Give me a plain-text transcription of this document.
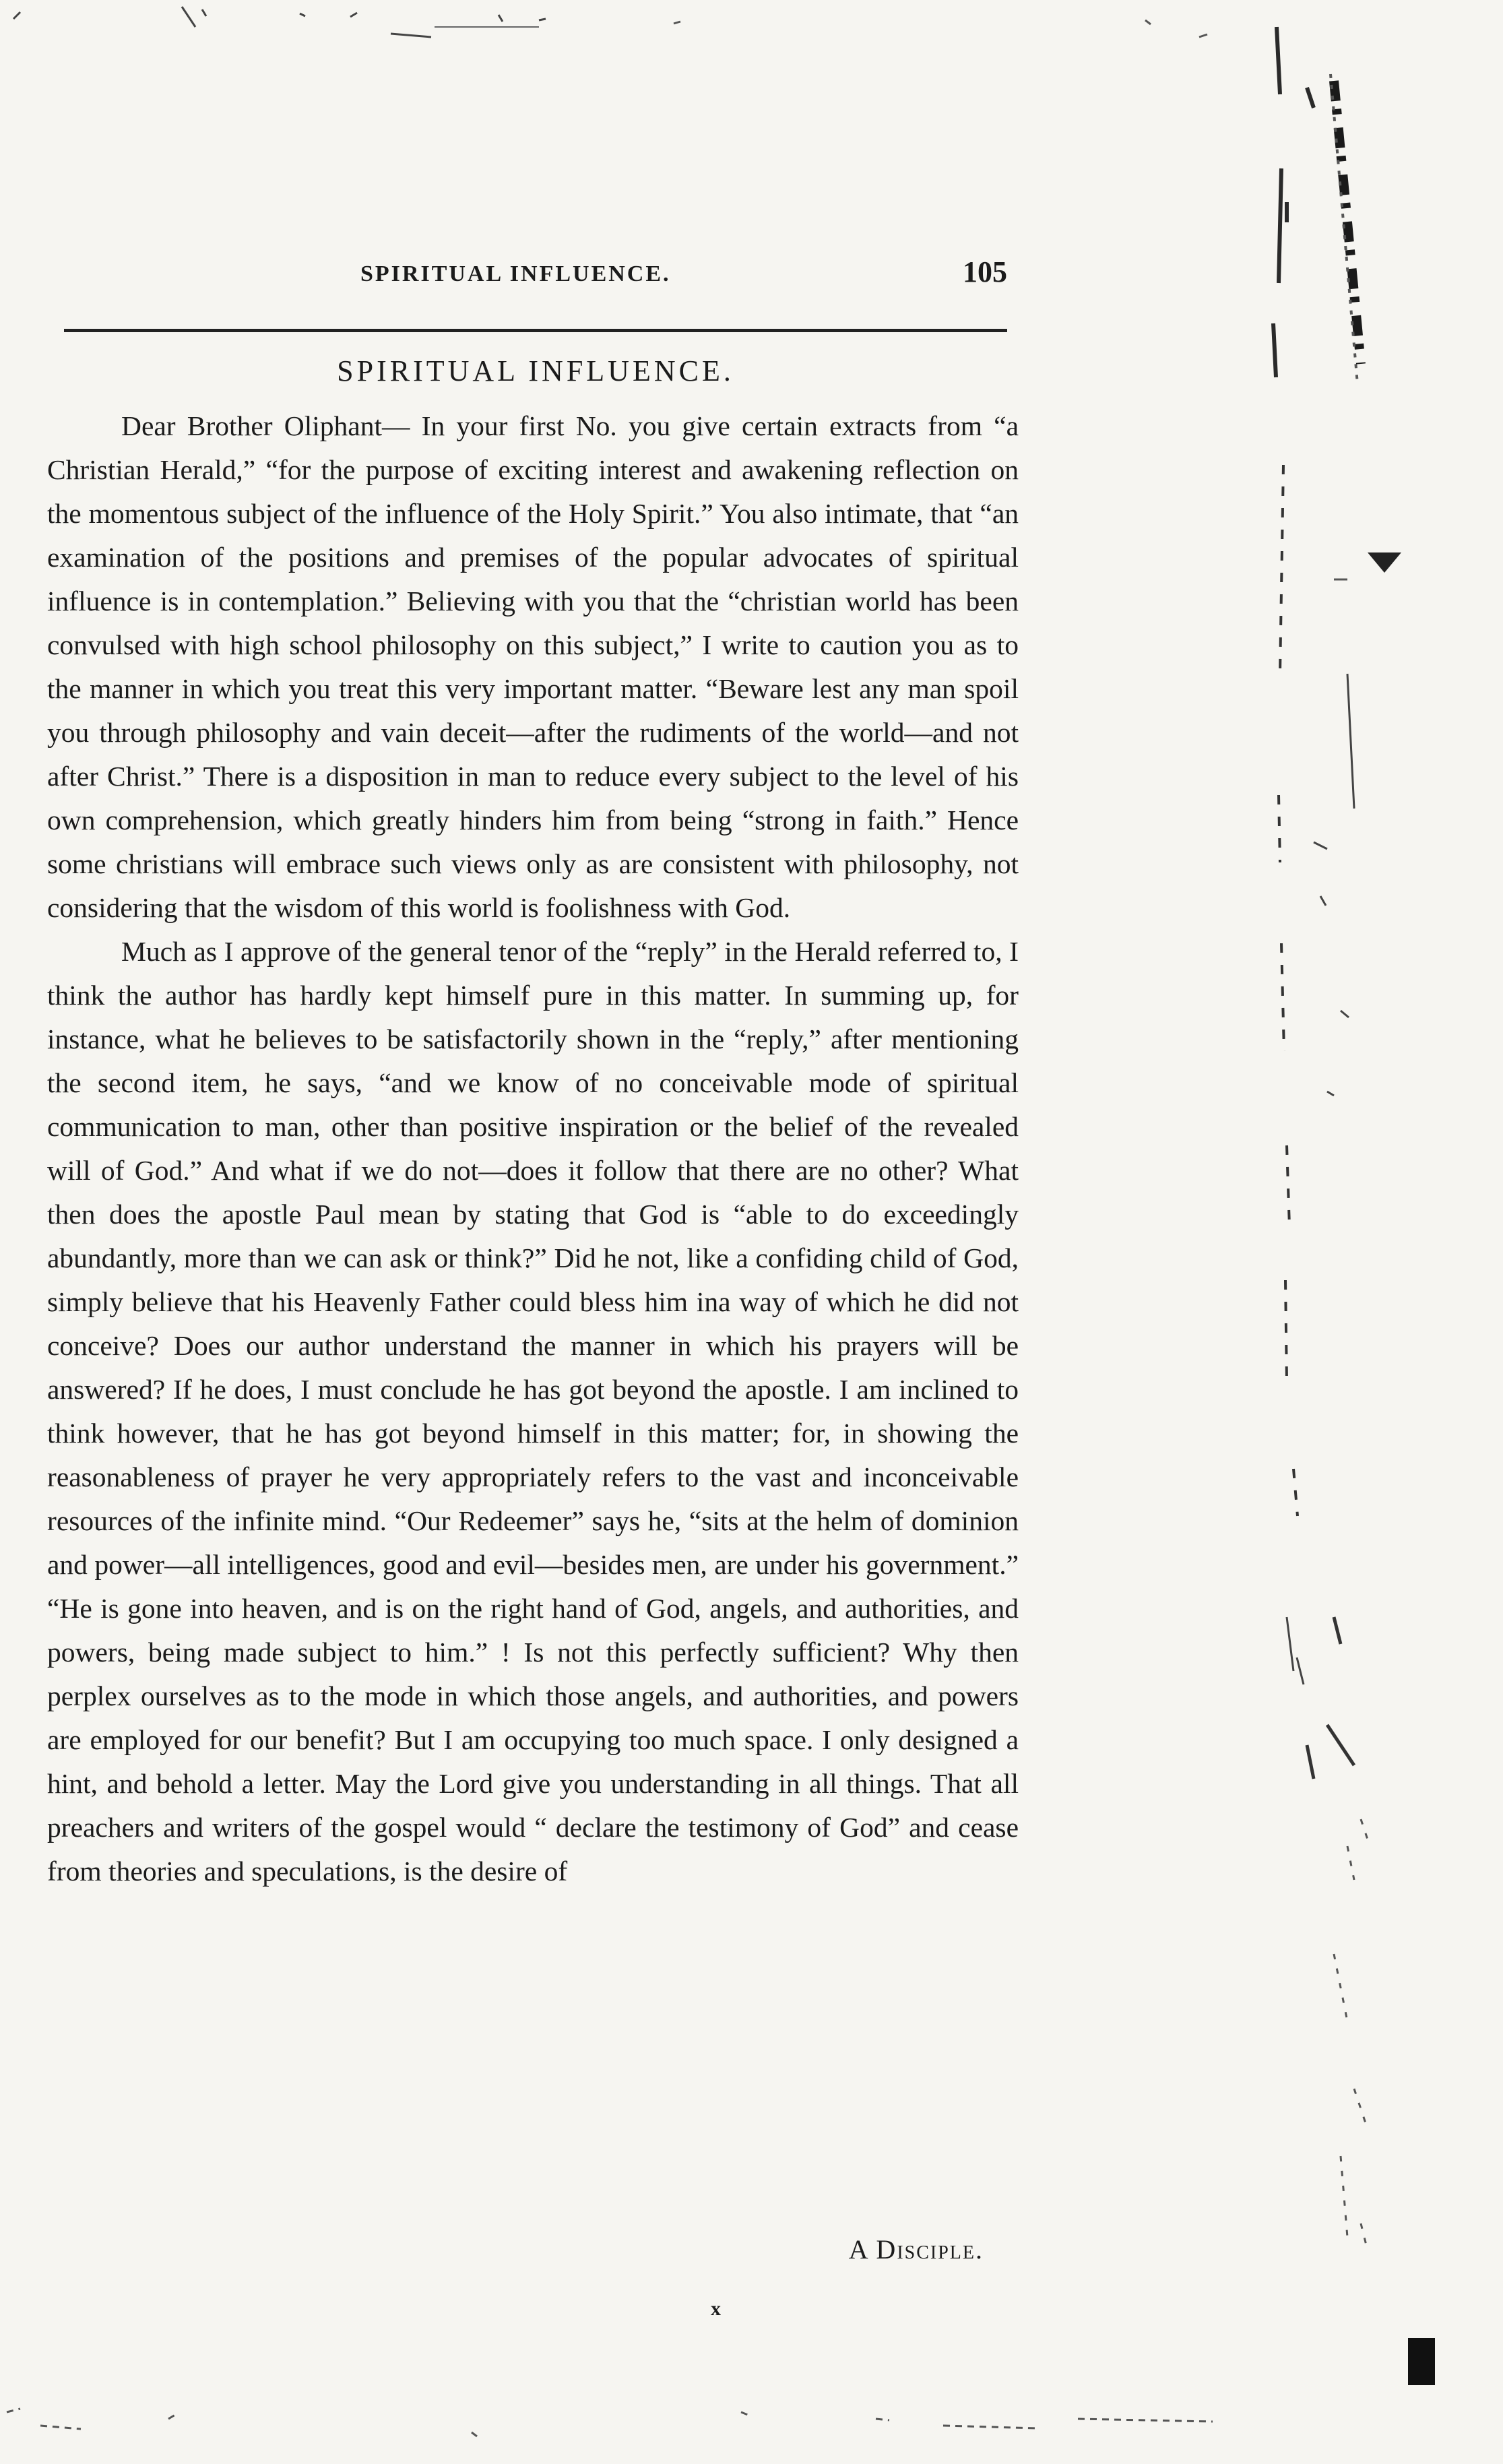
SPIRITUAL INFLUENCE.	105
SPIRITUAL INFLUENCE.

Dear Brother Oliphant— In your first No. you give certain extracts from “a Christian Herald,” “for the purpose of exciting interest and awakening reflection on the momentous subject of the influence of the Holy Spirit.” You also intimate, that “an examination of the positions and premises of the popular advocates of spiritual influence is in contemplation.” Believing with you that the “christian world has been convulsed with high school philosophy on this subject,” I write to caution you as to the manner in which you treat this very important matter. “Beware lest any man spoil you through philosophy and vain deceit—after the rudiments of the world—and not after Christ.” There is a disposition in man to reduce every subject to the level of his own comprehension, which greatly hinders him from being “strong in faith.” Hence some christians will embrace such views only as are consistent with philosophy, not considering that the wisdom of this world is foolishness with God.

Much as I approve of the general tenor of the “reply” in the Herald referred to, I think the author has hardly kept himself pure in this matter. In summing up, for instance, what he believes to be satisfactorily shown in the “reply,” after mentioning the second item, he says, “and we know of no conceivable mode of spiritual communication to man, other than positive inspiration or the belief of the revealed will of God.” And what if we do not—does it follow that there are no other? What then does the apostle Paul mean by stating that God is “able to do exceedingly abundantly, more than we can ask or think?” Did he not, like a confiding child of God, simply believe that his Heavenly Father could bless him ina way of which he did not conceive? Does our author understand the manner in which his prayers will be answered? If he does, I must conclude he has got beyond the apostle. I am inclined to think however, that he has got beyond himself in this matter; for, in showing the reasonableness of prayer he very appropriately refers to the vast and inconceivable resources of the infinite mind. “Our Redeemer” says he, “sits at the helm of dominion and power—all intelligences, good and evil—besides men, are under his government.” “He is gone into heaven, and is on the right hand of God, angels, and authorities, and powers, being made subject to him.” ! Is not this perfectly sufficient? Why then perplex ourselves as to the mode in which those angels, and authorities, and powers are employed for our benefit? But I am occupying too much space. I only designed a hint, and behold a letter. May the Lord give you understanding in all things. That all preachers and writers of the gospel would “ declare the testimony of God” and cease from theories and speculations, is the desire of

A Disciple.
x
